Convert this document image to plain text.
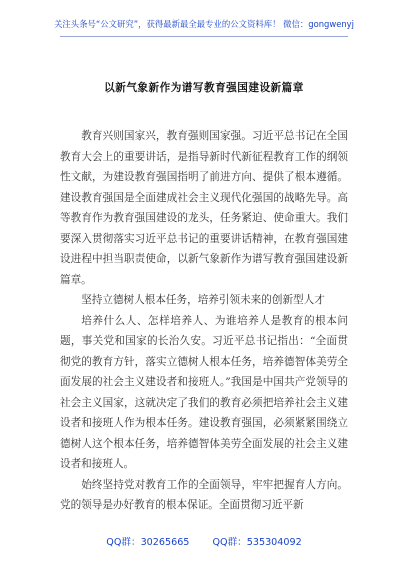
关注头条号“公文研究”，获得最新最全最专业的公文资料库！ 微信：gongwenyj
以新气象新作为谱写教育强国建设新篇章

教育兴则国家兴，教育强则国家强。习近平总书记在全国教育大会上的重要讲话，是指导新时代新征程教育工作的纲领性文献，为建设教育强国指明了前进方向、提供了根本遵循。建设教育强国是全面建成社会主义现代化强国的战略先导。高等教育作为教育强国建设的龙头，任务紧迫、使命重大。我们要深入贯彻落实习近平总书记的重要讲话精神，在教育强国建设进程中担当职责使命，以新气象新作为谱写教育强国建设新篇章。

坚持立德树人根本任务，培养引领未来的创新型人才

培养什么人、怎样培养人、为谁培养人是教育的根本问题，事关党和国家的长治久安。习近平总书记指出：“全面贯彻党的教育方针，落实立德树人根本任务，培养德智体美劳全面发展的社会主义建设者和接班人。”我国是中国共产党领导的社会主义国家，这就决定了我们的教育必须把培养社会主义建设者和接班人作为根本任务。建设教育强国，必须紧紧围绕立德树人这个根本任务，培养德智体美劳全面发展的社会主义建设者和接班人。

始终坚持党对教育工作的全面领导，牢牢把握育人方向。党的领导是办好教育的根本保证。全面贯彻习近平新

QQ群：30265665 QQ群：535304092
